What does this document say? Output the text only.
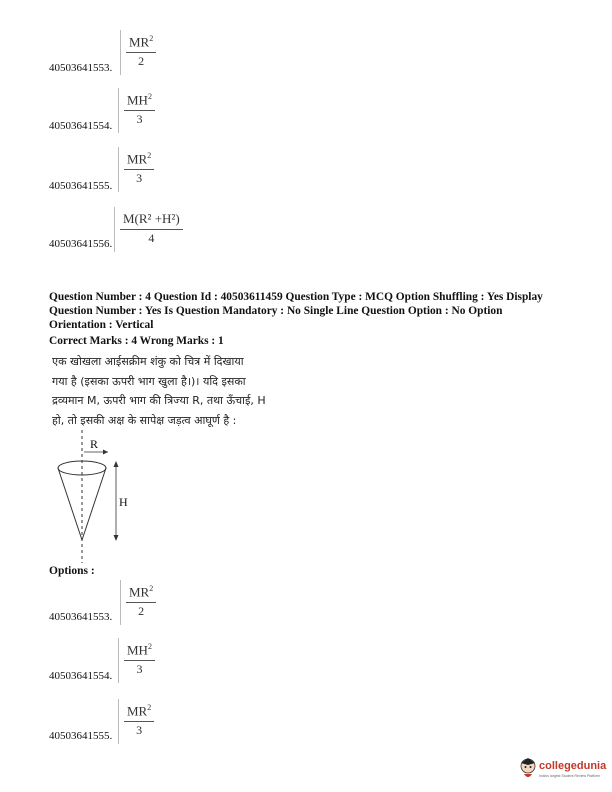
$MR^2$
2
40503641553.
$MH^2$
3
40503641554.
$MR^2$
3
40503641555.
M(R² +H²)
4
40503641556.
Question Number : 4 Question Id : 40503611459 Question Type : MCQ Option Shuffling : Yes Display
Question Number : Yes Is Question Mandatory : No Single Line Question Option : No Option
Orientation : Vertical
Correct Marks : 4 Wrong Marks : 1
एक खोखला आईसक्रीम शंकु को चित्र में दिखाया
गया है (इसका ऊपरी भाग खुला है।)। यदि इसका
द्रव्यमान M, ऊपरी भाग की त्रिज्या R, तथा ऊँचाई, H
हो, तो इसकी अक्ष के सापेक्ष जड़त्व आघूर्ण है :
R
H
Options :
$MR^2$
2
40503641553.
$MH^2$
3
40503641554.
$MR^2$
3
40503641555.
collegedunia
India's largest Student Review Platform
